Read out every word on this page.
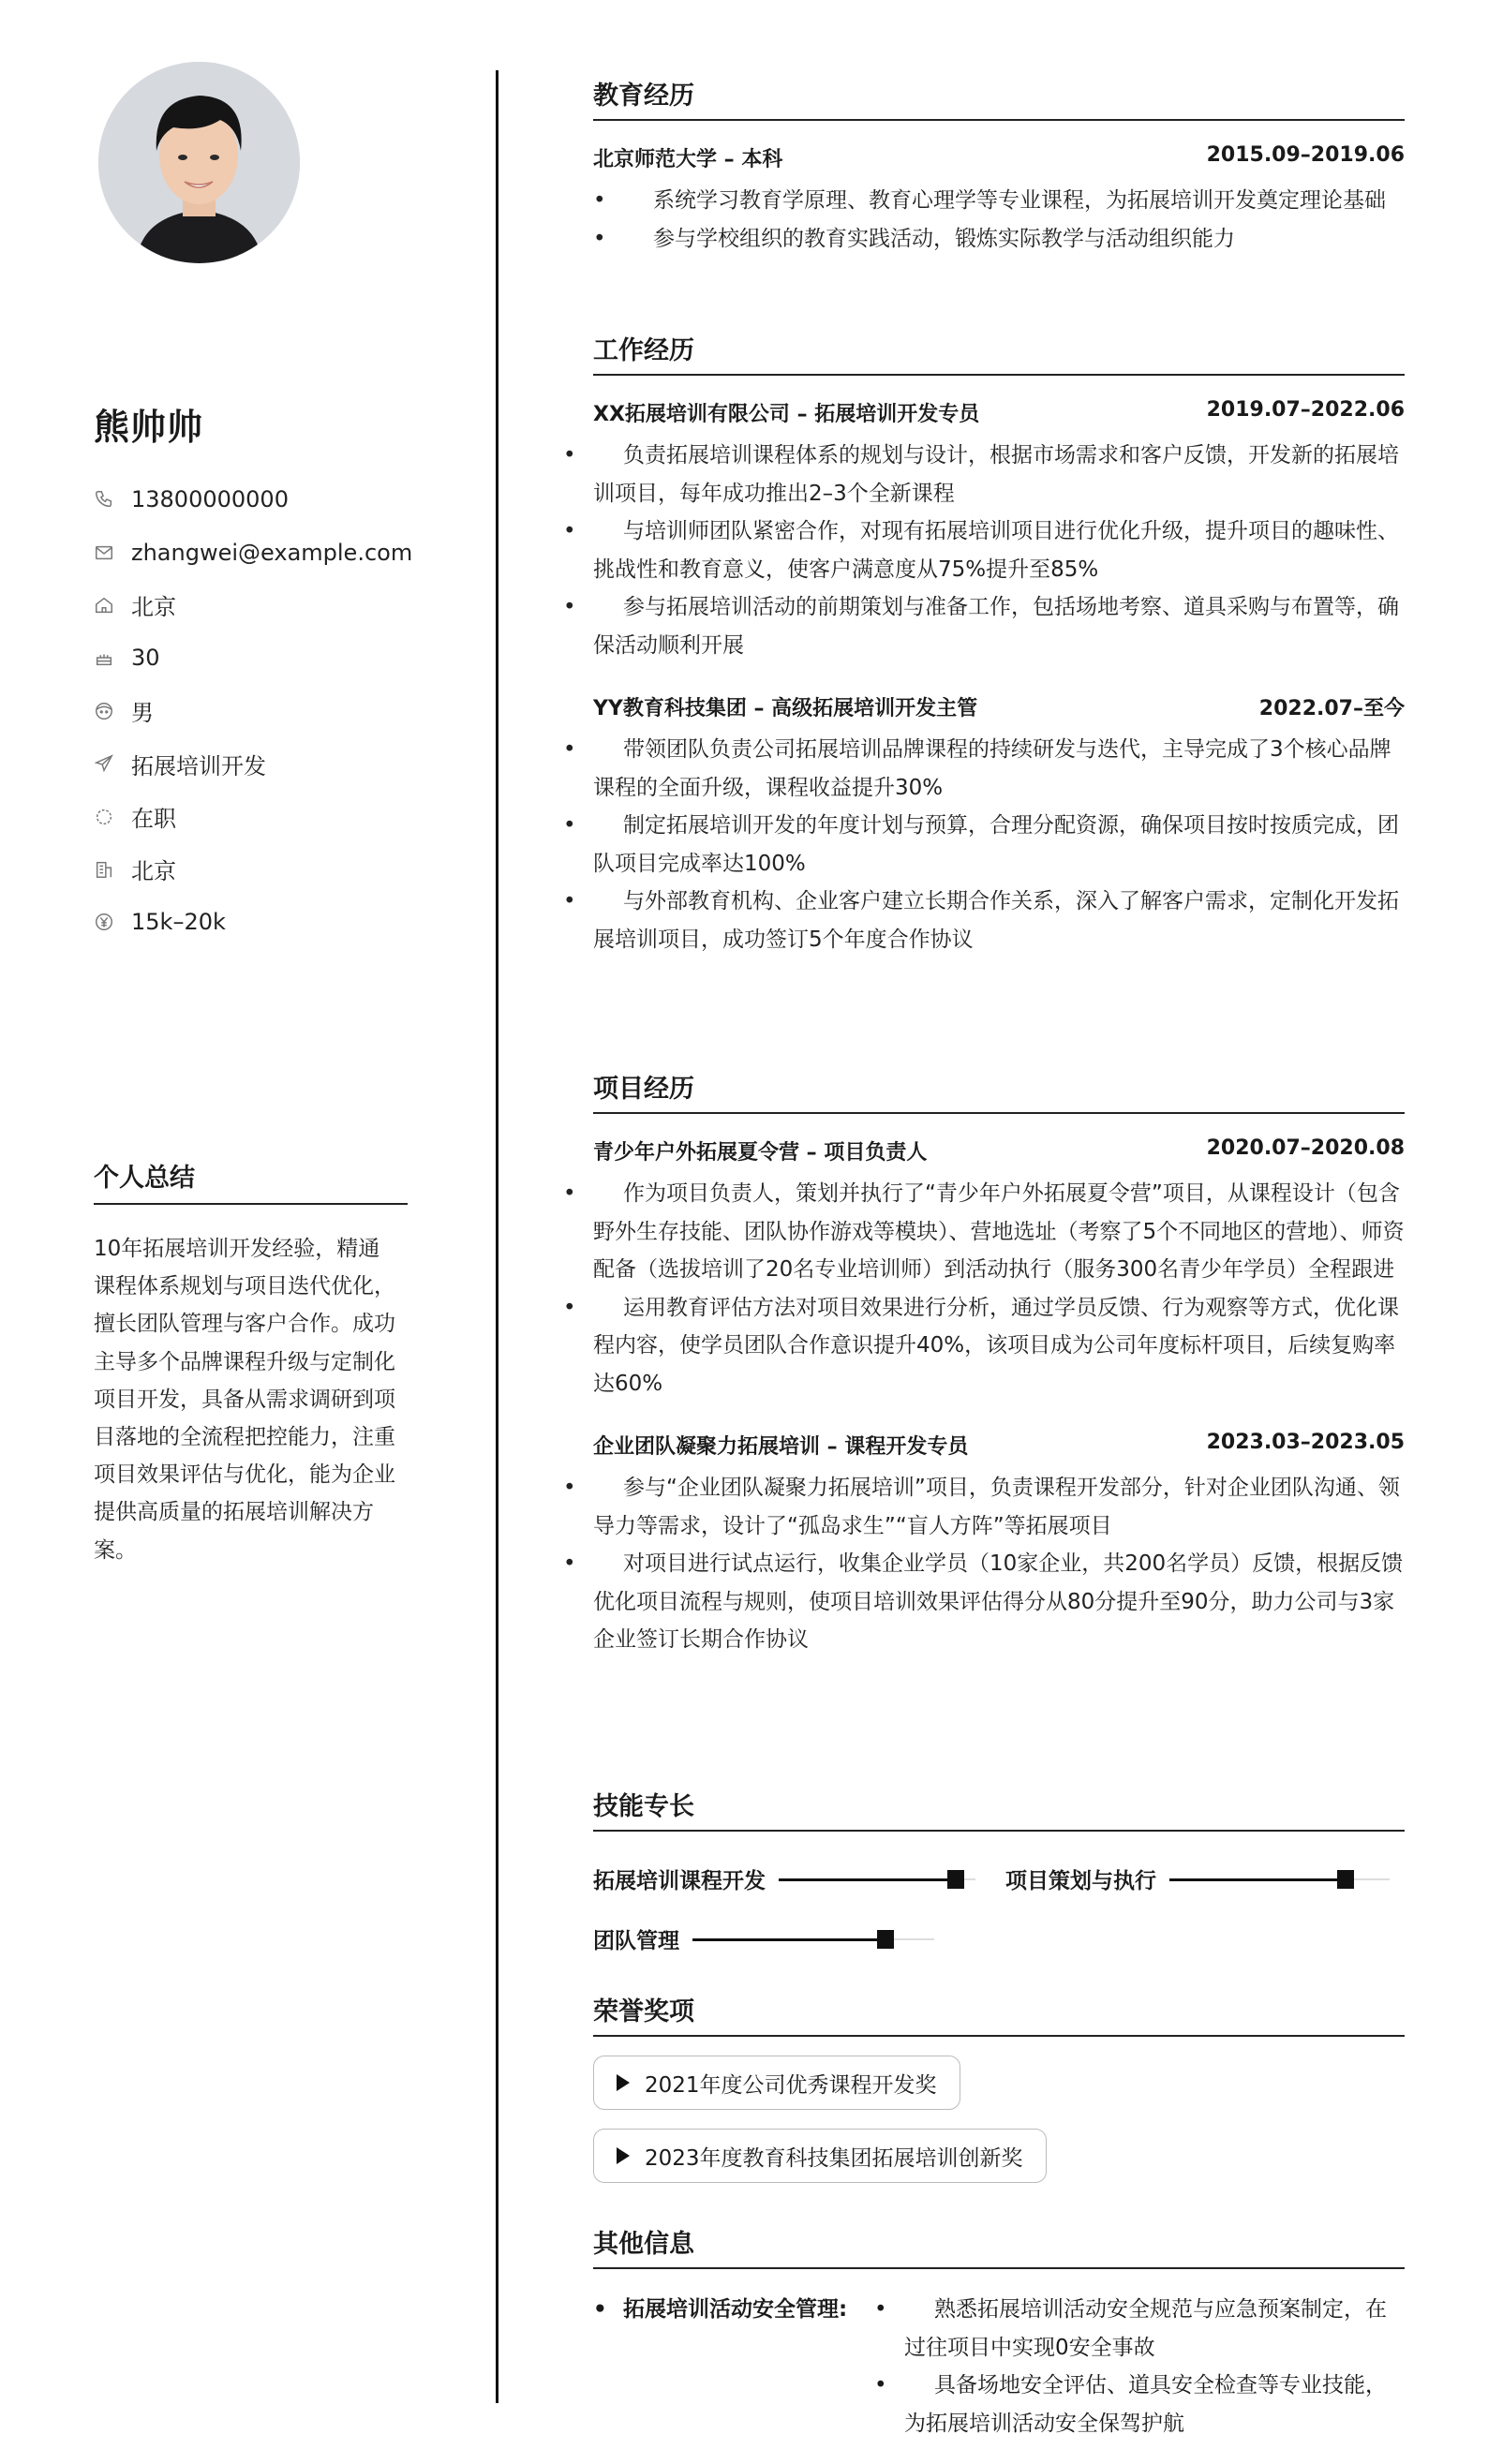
熊帅帅
13800000000
zhangwei@example.com
北京
30
男
拓展培训开发
在职
北京
15k–20k
个人总结
10年拓展培训开发经验，精通课程体系规划与项目迭代优化，擅长团队管理与客户合作。成功主导多个品牌课程升级与定制化项目开发，具备从需求调研到项目落地的全流程把控能力，注重项目效果评估与优化，能为企业提供高质量的拓展培训解决方案。
教育经历
北京师范大学 – 本科	2015.09–2019.06
• 系统学习教育学原理、教育心理学等专业课程，为拓展培训开发奠定理论基础
• 参与学校组织的教育实践活动，锻炼实际教学与活动组织能力
工作经历
XX拓展培训有限公司 – 拓展培训开发专员	2019.07–2022.06
• 负责拓展培训课程体系的规划与设计，根据市场需求和客户反馈，开发新的拓展培训项目，每年成功推出2–3个全新课程
• 与培训师团队紧密合作，对现有拓展培训项目进行优化升级，提升项目的趣味性、挑战性和教育意义，使客户满意度从75%提升至85%
• 参与拓展培训活动的前期策划与准备工作，包括场地考察、道具采购与布置等，确保活动顺利开展
YY教育科技集团 – 高级拓展培训开发主管	2022.07–至今
• 带领团队负责公司拓展培训品牌课程的持续研发与迭代，主导完成了3个核心品牌课程的全面升级，课程收益提升30%
• 制定拓展培训开发的年度计划与预算，合理分配资源，确保项目按时按质完成，团队项目完成率达100%
• 与外部教育机构、企业客户建立长期合作关系，深入了解客户需求，定制化开发拓展培训项目，成功签订5个年度合作协议
项目经历
青少年户外拓展夏令营 – 项目负责人	2020.07–2020.08
• 作为项目负责人，策划并执行了“青少年户外拓展夏令营”项目，从课程设计（包含野外生存技能、团队协作游戏等模块）、营地选址（考察了5个不同地区的营地）、师资配备（选拔培训了20名专业培训师）到活动执行（服务300名青少年学员）全程跟进
• 运用教育评估方法对项目效果进行分析，通过学员反馈、行为观察等方式，优化课程内容，使学员团队合作意识提升40%，该项目成为公司年度标杆项目，后续复购率达60%
企业团队凝聚力拓展培训 – 课程开发专员	2023.03–2023.05
• 参与“企业团队凝聚力拓展培训”项目，负责课程开发部分，针对企业团队沟通、领导力等需求，设计了“孤岛求生”“盲人方阵”等拓展项目
• 对项目进行试点运行，收集企业学员（10家企业，共200名学员）反馈，根据反馈优化项目流程与规则，使项目培训效果评估得分从80分提升至90分，助力公司与3家企业签订长期合作协议
技能专长
拓展培训课程开发	项目策划与执行
团队管理
荣誉奖项
2021年度公司优秀课程开发奖
2023年度教育科技集团拓展培训创新奖
其他信息
• 拓展培训活动安全管理:
•	熟悉拓展培训活动安全规范与应急预案制定，在过往项目中实现0安全事故
• 具备场地安全评估、道具安全检查等专业技能，为拓展培训活动安全保驾护航
